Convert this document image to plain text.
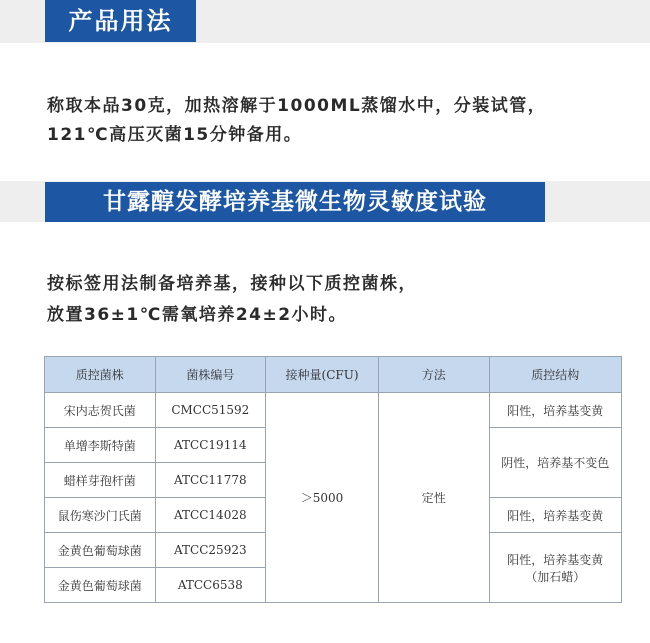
产品用法
称取本品30克，加热溶解于1000ML蒸馏水中，分装试管，
121℃高压灭菌15分钟备用。
甘露醇发酵培养基微生物灵敏度试验
按标签用法制备培养基，接种以下质控菌株，
放置36±1℃需氧培养24±2小时。
质控菌株	菌株编号	接种量(CFU)	方法	质控结构
宋内志贺氏菌	CMCC51592	＞5000	定性	阳性，培养基变黄
单增李斯特菌	ATCC19114			阴性，培养基不变色
蜡样芽孢杆菌	ATCC11778			
鼠伤寒沙门氏菌	ATCC14028			阳性，培养基变黄
金黄色葡萄球菌	ATCC25923			阳性，培养基变黄
（加石蜡）

金黄色葡萄球菌	ATCC6538			
